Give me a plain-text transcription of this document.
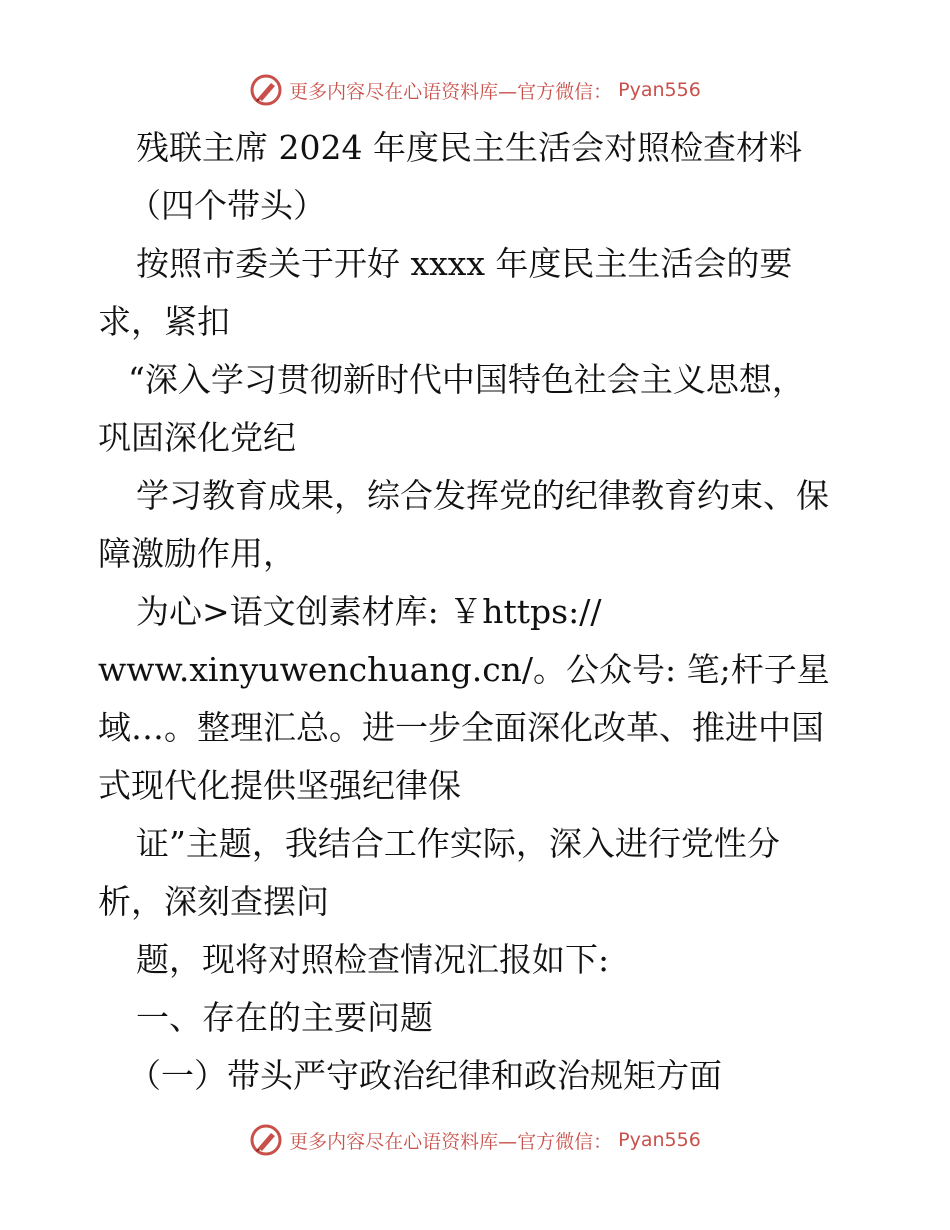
更多内容尽在心语资料库—官方微信： Pyan556
残联主席 2024 年度民主生活会对照检查材料
（四个带头）
按照市委关于开好 xxxx 年度民主生活会的要
求，紧扣
“深入学习贯彻新时代中国特色社会主义思想，
巩固深化党纪
学习教育成果，综合发挥党的纪律教育约束、保
障激励作用，
为心>语文创素材库: ￥https://
www.xinyuwenchuang.cn/。公众号: 笔;杆子星
域…。整理汇总。进一步全面深化改革、推进中国
式现代化提供坚强纪律保
证”主题，我结合工作实际，深入进行党性分
析，深刻查摆问
题，现将对照检查情况汇报如下:
一、存在的主要问题
（一）带头严守政治纪律和政治规矩方面
更多内容尽在心语资料库—官方微信： Pyan556
